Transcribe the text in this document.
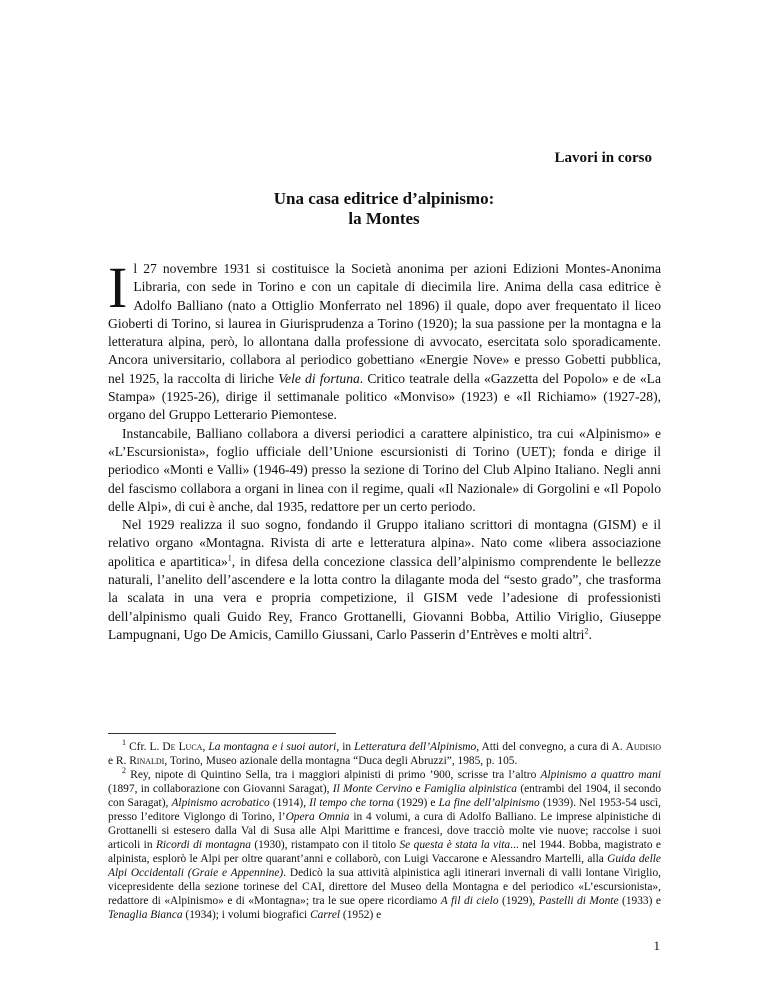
Lavori in corso
Una casa editrice d’alpinismo:
la Montes

Il 27 novembre 1931 si costituisce la Società anonima per azioni Edizioni Montes-Anonima Libraria, con sede in Torino e con un capitale di diecimila lire. Anima della casa editrice è Adolfo Balliano (nato a Ottiglio Monferrato nel 1896) il quale, dopo aver frequentato il liceo Gioberti di Torino, si laurea in Giurisprudenza a Torino (1920); la sua passione per la montagna e la letteratura alpina, però, lo allontana dalla professione di avvocato, esercitata solo sporadicamente. Ancora universitario, collabora al periodico gobettiano «Energie Nove» e presso Gobetti pubblica, nel 1925, la raccolta di liriche Vele di fortuna. Critico teatrale della «Gazzetta del Popolo» e de «La Stampa» (1925-26), dirige il settimanale politico «Monviso» (1923) e «Il Richiamo» (1927-28), organo del Gruppo Letterario Piemontese.

Instancabile, Balliano collabora a diversi periodici a carattere alpinistico, tra cui «Alpinismo» e «L’Escursionista», foglio ufficiale dell’Unione escursionisti di Torino (UET); fonda e dirige il periodico «Monti e Valli» (1946-49) presso la sezione di Torino del Club Alpino Italiano. Negli anni del fascismo collabora a organi in linea con il regime, quali «Il Nazionale» di Gorgolini e «Il Popolo delle Alpi», di cui è anche, dal 1935, redattore per un certo periodo.

Nel 1929 realizza il suo sogno, fondando il Gruppo italiano scrittori di montagna (GISM) e il relativo organo «Montagna. Rivista di arte e letteratura alpina». Nato come «libera associazione apolitica e apartitica»$^1$, in difesa della concezione classica dell’alpinismo comprendente le bellezze naturali, l’anelito dell’ascendere e la lotta contro la dilagante moda del “sesto grado”, che trasforma la scalata in una vera e propria competizione, il GISM vede l’adesione di professionisti dell’alpinismo quali Guido Rey, Franco Grottanelli, Giovanni Bobba, Attilio Viriglio, Giuseppe Lampugnani, Ugo De Amicis, Camillo Giussani, Carlo Passerin d’Entrèves e molti altri$^2$.

$^1$ Cfr. L. De Luca, La montagna e i suoi autori, in Letteratura dell’Alpinismo, Atti del convegno, a cura di A. Audisio e R. Rinaldi, Torino, Museo azionale della montagna “Duca degli Abruzzi”, 1985, p. 105.

$^2$ Rey, nipote di Quintino Sella, tra i maggiori alpinisti di primo ’900, scrisse tra l’altro Alpinismo a quattro mani (1897, in collaborazione con Giovanni Saragat), Il Monte Cervino e Famiglia alpinistica (entrambi del 1904, il secondo con Saragat), Alpinismo acrobatico (1914), Il tempo che torna (1929) e La fine dell’alpinismo (1939). Nel 1953-54 uscì, presso l’editore Viglongo di Torino, l’Opera Omnia in 4 volumi, a cura di Adolfo Balliano. Le imprese alpinistiche di Grottanelli si estesero dalla Val di Susa alle Alpi Marittime e francesi, dove tracciò molte vie nuove; raccolse i suoi articoli in Ricordi di montagna (1930), ristampato con il titolo Se questa è stata la vita... nel 1944. Bobba, magistrato e alpinista, esplorò le Alpi per oltre quarant’anni e collaborò, con Luigi Vaccarone e Alessandro Martelli, alla Guida delle Alpi Occidentali (Graie e Appennine). Dedicò la sua attività alpinistica agli itinerari invernali di valli lontane Viriglio, vicepresidente della sezione torinese del CAI, direttore del Museo della Montagna e del periodico «L’escursionista», redattore di «Alpinismo» e di «Montagna»; tra le sue opere ricordiamo A fil di cielo (1929), Pastelli di Monte (1933) e Tenaglia Bianca (1934); i volumi biografici Carrel (1952) e

1
